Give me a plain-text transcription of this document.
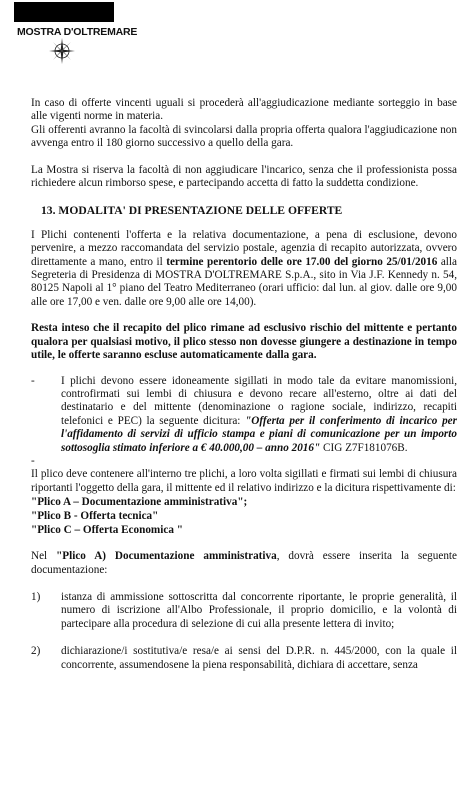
MOSTRA D'OLTREMARE

In caso di offerte vincenti uguali si procederà all'aggiudicazione mediante sorteggio in base alle vigenti norme in materia.

Gli offerenti avranno la facoltà di svincolarsi dalla propria offerta qualora l'aggiudicazione non avvenga entro il 180 giorno successivo a quello della gara.

La Mostra si riserva la facoltà di non aggiudicare l'incarico, senza che il professionista possa richiedere alcun rimborso spese, e partecipando accetta di fatto la suddetta condizione.

13. MODALITA' DI PRESENTAZIONE DELLE OFFERTE

I Plichi contenenti l'offerta e la relativa documentazione, a pena di esclusione, devono pervenire, a mezzo raccomandata del servizio postale, agenzia di recapito autorizzata, ovvero direttamente a mano, entro il termine perentorio delle ore 17.00 del giorno 25/01/2016 alla Segreteria di Presidenza di MOSTRA D'OLTREMARE S.p.A., sito in Via J.F. Kennedy n. 54, 80125 Napoli al 1° piano del Teatro Mediterraneo (orari ufficio: dal lun. al giov. dalle ore 9,00 alle ore 17,00 e ven. dalle ore 9,00 alle ore 14,00).

Resta inteso che il recapito del plico rimane ad esclusivo rischio del mittente e pertanto qualora per qualsiasi motivo, il plico stesso non dovesse giungere a destinazione in tempo utile, le offerte saranno escluse automaticamente dalla gara.

-	I plichi devono essere idoneamente sigillati in modo tale da evitare manomissioni, controfirmati sui lembi di chiusura e devono recare all'esterno, oltre ai dati del destinatario e del mittente (denominazione o ragione sociale, indirizzo, recapiti telefonici e PEC) la seguente dicitura: "Offerta per il conferimento di incarico per l'affidamento di servizi di ufficio stampa e piani di comunicazione per un importo sottosoglia stimato inferiore a € 40.000,00 – anno 2016" CIG Z7F181076B.
-

Il plico deve contenere all'interno tre plichi, a loro volta sigillati e firmati sui lembi di chiusura riportanti l'oggetto della gara, il mittente ed il relativo indirizzo e la dicitura rispettivamente di:

"Plico A – Documentazione amministrativa";
"Plico B - Offerta tecnica"
"Plico C – Offerta Economica "

Nel "Plico A) Documentazione amministrativa, dovrà essere inserita la seguente documentazione:

1)	istanza di ammissione sottoscritta dal concorrente riportante, le proprie generalità, il numero di iscrizione all'Albo Professionale, il proprio domicilio, e la volontà di partecipare alla procedura di selezione di cui alla presente lettera di invito;
2)	dichiarazione/i sostitutiva/e resa/e ai sensi del D.P.R. n. 445/2000, con la quale il concorrente, assumendosene la piena responsabilità, dichiara di accettare, senza
